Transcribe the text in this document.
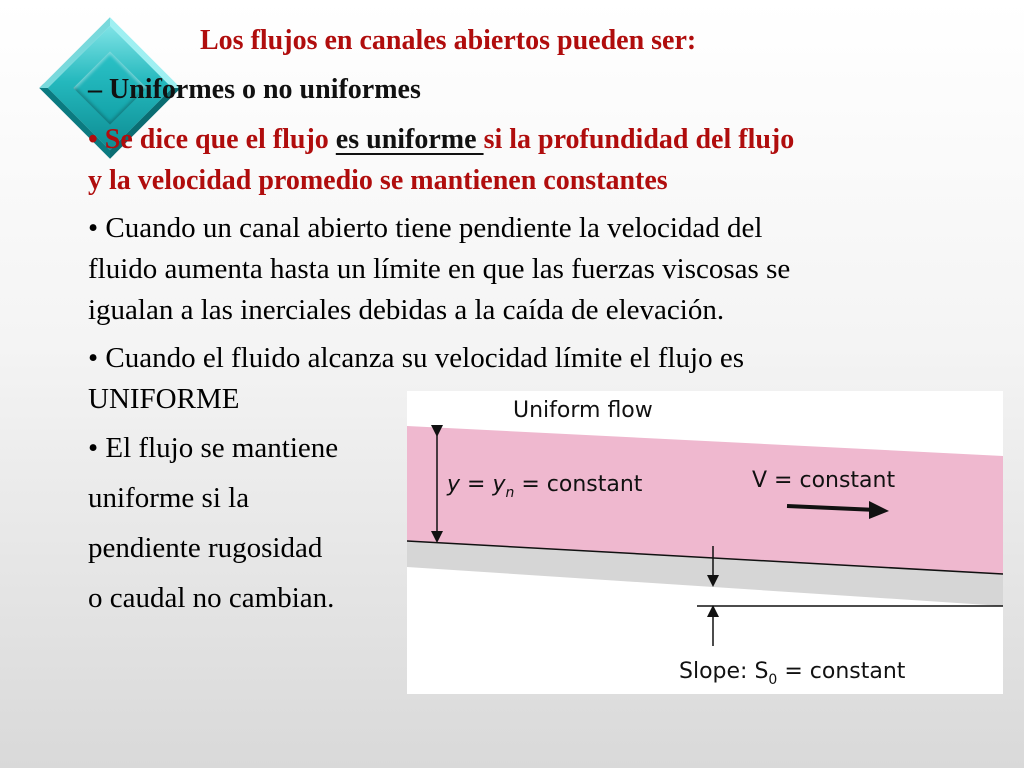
Los flujos en canales abiertos pueden ser:
– Uniformes o no uniformes
• Se dice que el flujo es uniforme si la profundidad del flujo
y la velocidad promedio se mantienen constantes
• Cuando un canal abierto tiene pendiente la velocidad del
fluido aumenta hasta un límite en que las fuerzas viscosas se
igualan a las inerciales debidas a la caída de elevación.
• Cuando el fluido alcanza su velocidad límite el flujo es
UNIFORME
• El flujo se mantiene
uniforme si la
pendiente rugosidad
o caudal no cambian.
Uniform flow
$y = y_n$ = constant	V = constant
Slope: $S_0$ = constant
